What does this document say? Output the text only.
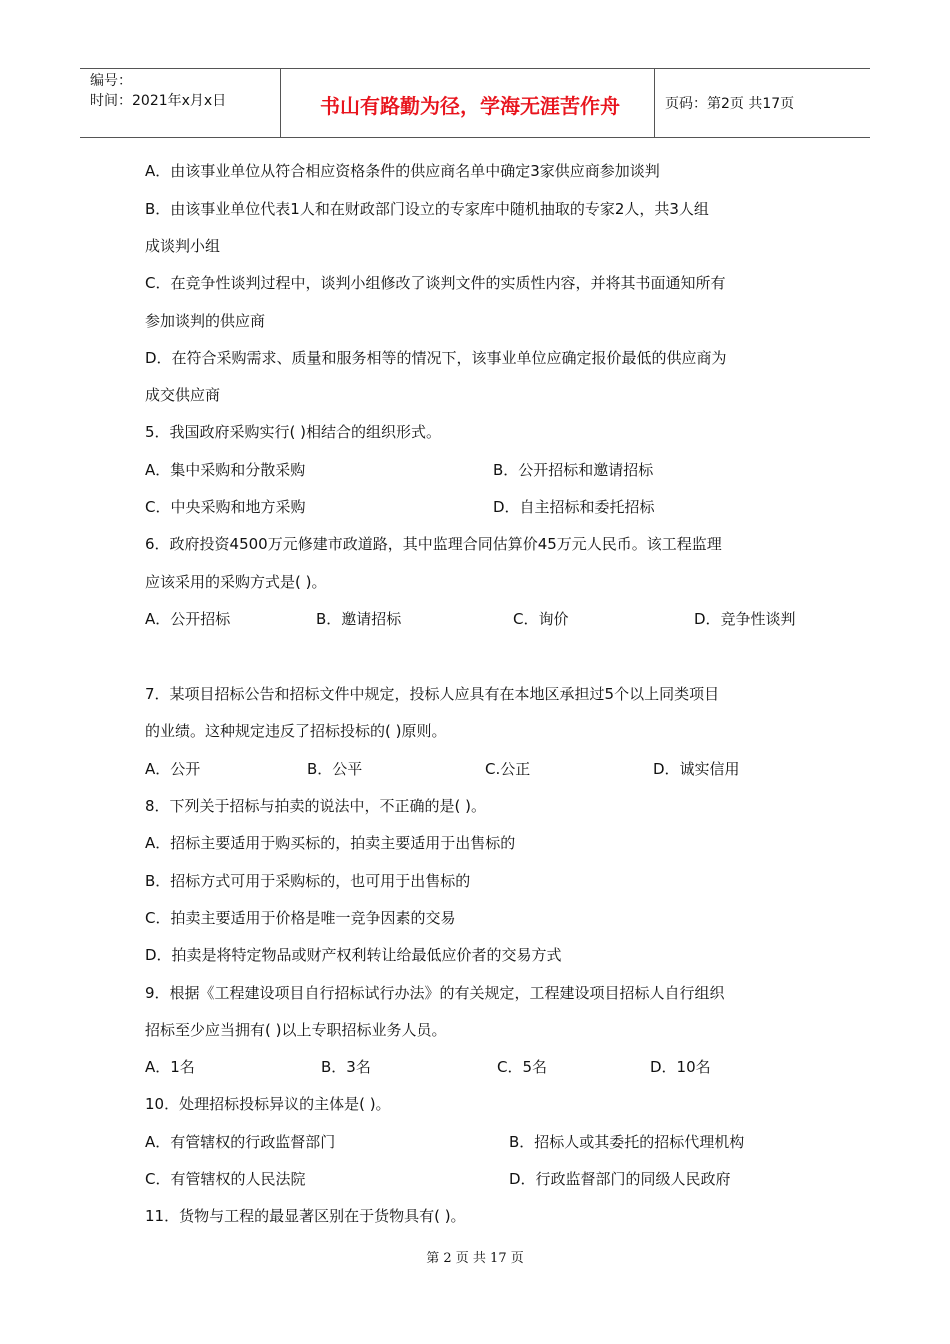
编号：
时间：2021年x月x日	书山有路勤为径，学海无涯苦作舟	页码：第2页 共17页
A．由该事业单位从符合相应资格条件的供应商名单中确定3家供应商参加谈判
B．由该事业单位代表1人和在财政部门设立的专家库中随机抽取的专家2人，共3人组
成谈判小组
C．在竞争性谈判过程中，谈判小组修改了谈判文件的实质性内容，并将其书面通知所有
参加谈判的供应商
D．在符合采购需求、质量和服务相等的情况下，该事业单位应确定报价最低的供应商为
成交供应商
5．我国政府采购实行( )相结合的组织形式。
A．集中采购和分散采购	B．公开招标和邀请招标
C．中央采购和地方采购	D．自主招标和委托招标
6．政府投资4500万元修建市政道路，其中监理合同估算价45万元人民币。该工程监理
应该采用的采购方式是( )。
A．公开招标	B．邀请招标	C．询价	D．竞争性谈判
7．某项目招标公告和招标文件中规定，投标人应具有在本地区承担过5个以上同类项目
的业绩。这种规定违反了招标投标的( )原则。
A．公开	B．公平	C.公正	D．诚实信用
8．下列关于招标与拍卖的说法中，不正确的是( )。
A．招标主要适用于购买标的，拍卖主要适用于出售标的
B．招标方式可用于采购标的，也可用于出售标的
C．拍卖主要适用于价格是唯一竞争因素的交易
D．拍卖是将特定物品或财产权利转让给最低应价者的交易方式
9．根据《工程建设项目自行招标试行办法》的有关规定，工程建设项目招标人自行组织
招标至少应当拥有( )以上专职招标业务人员。
A．1名	B．3名	C．5名	D．10名
10．处理招标投标异议的主体是( )。
A．有管辖权的行政监督部门	B．招标人或其委托的招标代理机构
C．有管辖权的人民法院	D．行政监督部门的同级人民政府
11．货物与工程的最显著区别在于货物具有( )。
第 2 页 共 17 页
